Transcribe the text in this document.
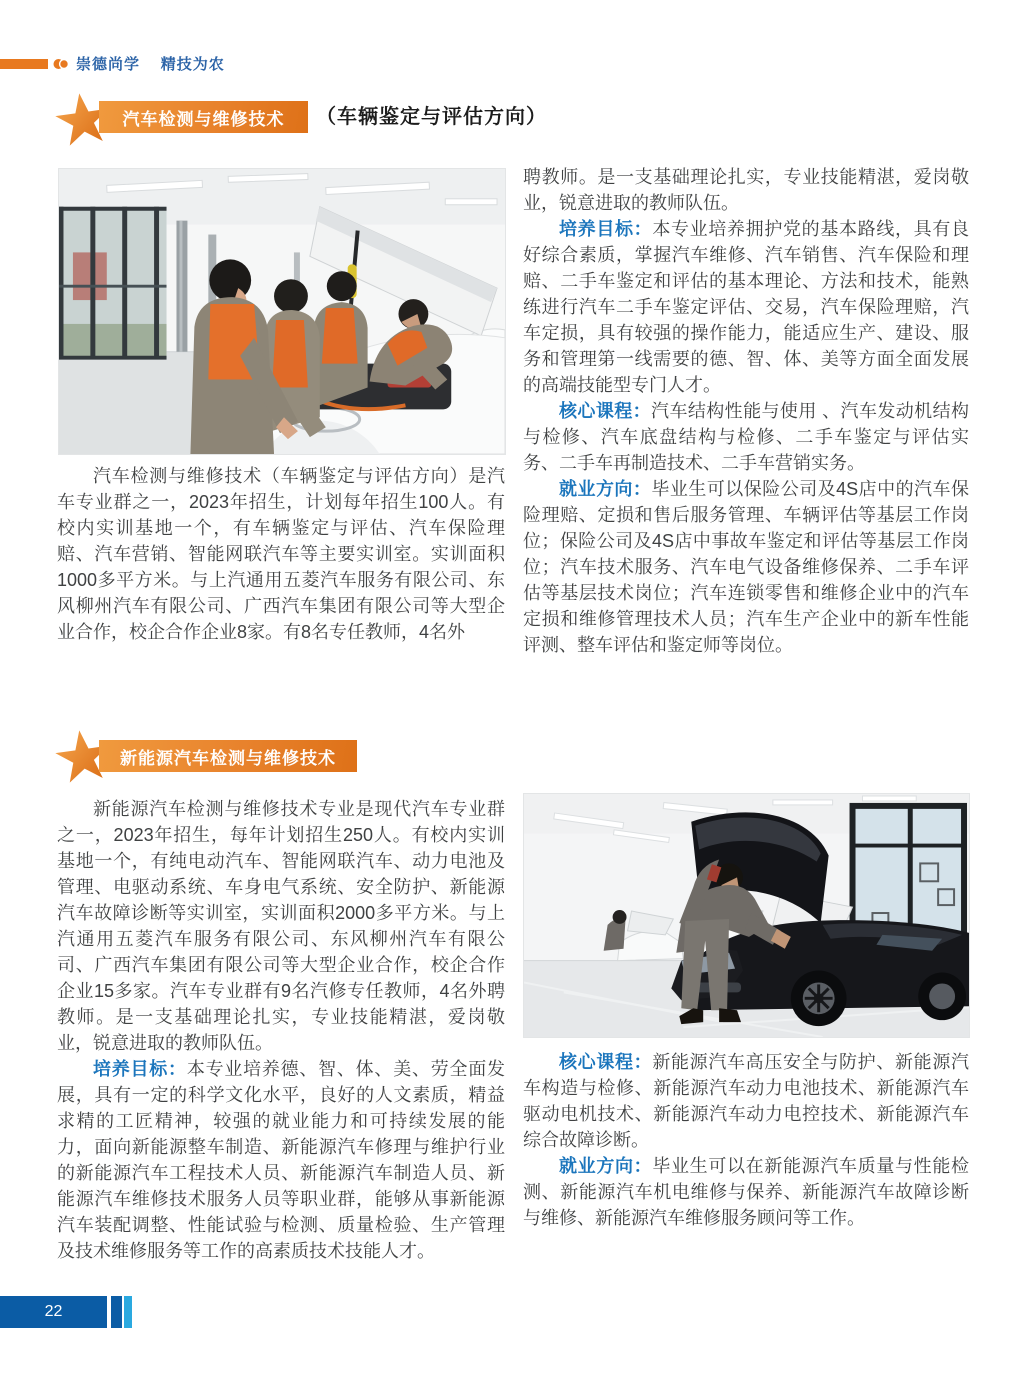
崇德尚学 精技为农
汽车检测与维修技术 （车辆鉴定与评估方向）

汽车检测与维修技术（车辆鉴定与评估方向）是汽车专业群之一，2023年招生，计划每年招生100人。有校内实训基地一个，有车辆鉴定与评估、汽车保险理赔、汽车营销、智能网联汽车等主要实训室。实训面积1000多平方米。与上汽通用五菱汽车服务有限公司、东风柳州汽车有限公司、广西汽车集团有限公司等大型企业合作，校企合作企业8家。有8名专任教师，4名外

聘教师。是一支基础理论扎实，专业技能精湛，爱岗敬业，锐意进取的教师队伍。

培养目标：本专业培养拥护党的基本路线，具有良好综合素质，掌握汽车维修、汽车销售、汽车保险和理赔、二手车鉴定和评估的基本理论、方法和技术，能熟练进行汽车二手车鉴定评估、交易，汽车保险理赔，汽车定损，具有较强的操作能力，能适应生产、建设、服务和管理第一线需要的德、智、体、美等方面全面发展的高端技能型专门人才。

核心课程：汽车结构性能与使用 、汽车发动机结构与检修、汽车底盘结构与检修、二手车鉴定与评估实务、二手车再制造技术、二手车营销实务。

就业方向：毕业生可以保险公司及4S店中的汽车保险理赔、定损和售后服务管理、车辆评估等基层工作岗位；保险公司及4S店中事故车鉴定和评估等基层工作岗位；汽车技术服务、汽车电气设备维修保养、二手车评估等基层技术岗位；汽车连锁零售和维修企业中的汽车定损和维修管理技术人员；汽车生产企业中的新车性能评测、整车评估和鉴定师等岗位。

新能源汽车检测与维修技术

新能源汽车检测与维修技术专业是现代汽车专业群之一，2023年招生，每年计划招生250人。有校内实训基地一个，有纯电动汽车、智能网联汽车、动力电池及管理、电驱动系统、车身电气系统、安全防护、新能源汽车故障诊断等实训室，实训面积2000多平方米。与上汽通用五菱汽车服务有限公司、东风柳州汽车有限公司、广西汽车集团有限公司等大型企业合作，校企合作企业15多家。汽车专业群有9名汽修专任教师，4名外聘教师。是一支基础理论扎实，专业技能精湛，爱岗敬业，锐意进取的教师队伍。

培养目标：本专业培养德、智、体、美、劳全面发展，具有一定的科学文化水平，良好的人文素质，精益求精的工匠精神，较强的就业能力和可持续发展的能力，面向新能源整车制造、新能源汽车修理与维护行业的新能源汽车工程技术人员、新能源汽车制造人员、新能源汽车维修技术服务人员等职业群，能够从事新能源汽车装配调整、性能试验与检测、质量检验、生产管理及技术维修服务等工作的高素质技术技能人才。

核心课程：新能源汽车高压安全与防护、新能源汽车构造与检修、新能源汽车动力电池技术、新能源汽车驱动电机技术、新能源汽车动力电控技术、新能源汽车综合故障诊断。

就业方向：毕业生可以在新能源汽车质量与性能检测、新能源汽车机电维修与保养、新能源汽车故障诊断与维修、新能源汽车维修服务顾问等工作。

22
